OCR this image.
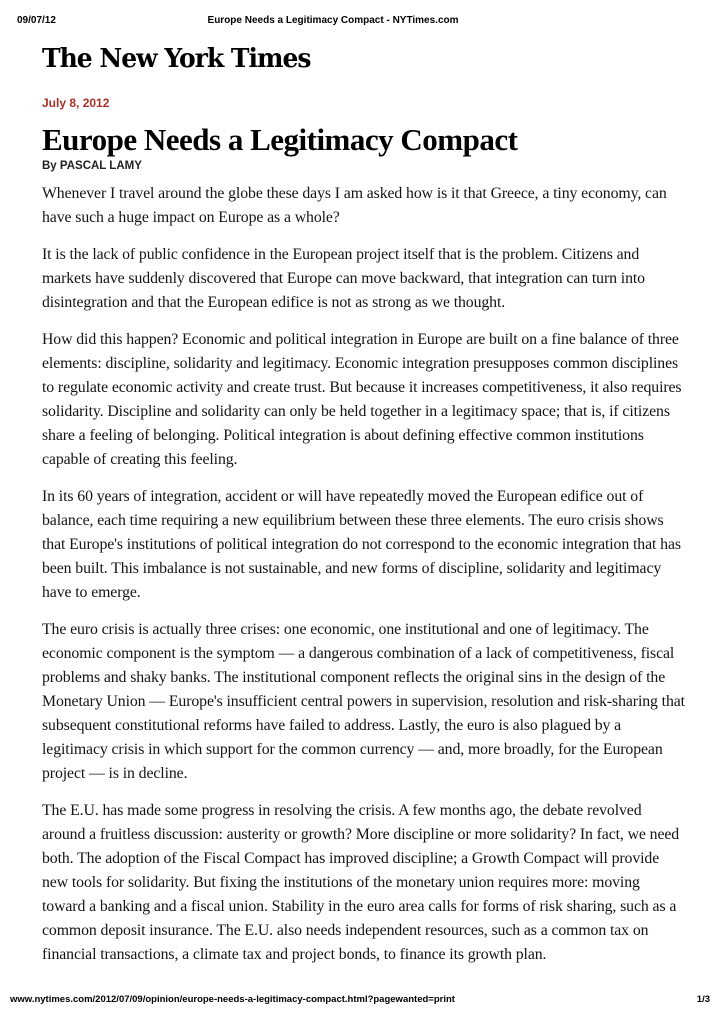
09/07/12	Europe Needs a Legitimacy Compact - NYTimes.com
The New York Times
July 8, 2012
Europe Needs a Legitimacy Compact
By PASCAL LAMY

Whenever I travel around the globe these days I am asked how is it that Greece, a tiny economy, can have such a huge impact on Europe as a whole?

It is the lack of public confidence in the European project itself that is the problem. Citizens and markets have suddenly discovered that Europe can move backward, that integration can turn into disintegration and that the European edifice is not as strong as we thought.

How did this happen? Economic and political integration in Europe are built on a fine balance of three elements: discipline, solidarity and legitimacy. Economic integration presupposes common disciplines to regulate economic activity and create trust. But because it increases competitiveness, it also requires solidarity. Discipline and solidarity can only be held together in a legitimacy space; that is, if citizens share a feeling of belonging. Political integration is about defining effective common institutions capable of creating this feeling.

In its 60 years of integration, accident or will have repeatedly moved the European edifice out of balance, each time requiring a new equilibrium between these three elements. The euro crisis shows that Europe's institutions of political integration do not correspond to the economic integration that has been built. This imbalance is not sustainable, and new forms of discipline, solidarity and legitimacy have to emerge.

The euro crisis is actually three crises: one economic, one institutional and one of legitimacy. The economic component is the symptom — a dangerous combination of a lack of competitiveness, fiscal problems and shaky banks. The institutional component reflects the original sins in the design of the Monetary Union — Europe's insufficient central powers in supervision, resolution and risk-sharing that subsequent constitutional reforms have failed to address. Lastly, the euro is also plagued by a legitimacy crisis in which support for the common currency — and, more broadly, for the European project — is in decline.

The E.U. has made some progress in resolving the crisis. A few months ago, the debate revolved around a fruitless discussion: austerity or growth? More discipline or more solidarity? In fact, we need both. The adoption of the Fiscal Compact has improved discipline; a Growth Compact will provide new tools for solidarity. But fixing the institutions of the monetary union requires more: moving toward a banking and a fiscal union. Stability in the euro area calls for forms of risk sharing, such as a common deposit insurance. The E.U. also needs independent resources, such as a common tax on financial transactions, a climate tax and project bonds, to finance its growth plan.

www.nytimes.com/2012/07/09/opinion/europe-needs-a-legitimacy-compact.html?pagewanted=print	1/3
